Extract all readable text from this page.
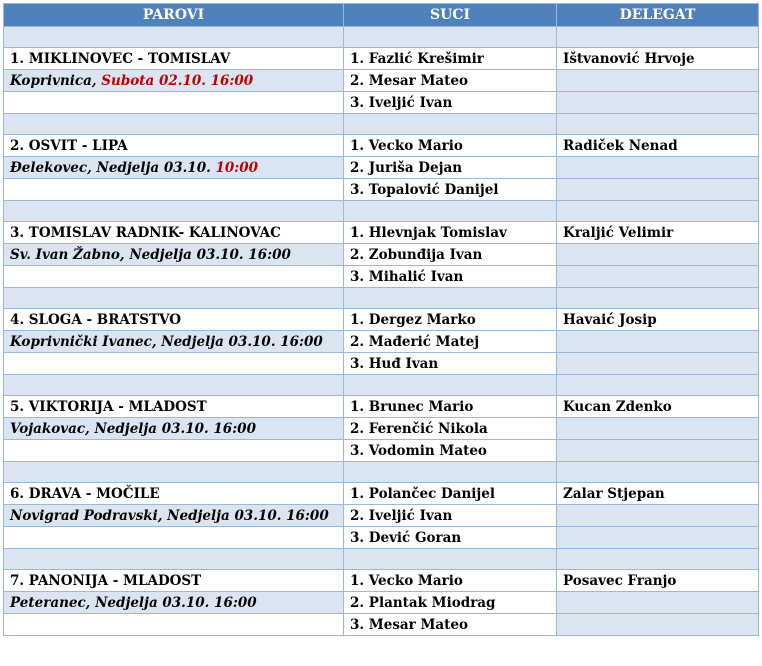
PAROVI	SUCI	DELEGAT

1. MIKLINOVEC - TOMISLAV	1. Fazlić Krešimir	Ištvanović Hrvoje
Koprivnica, Subota 02.10. 16:00	2. Mesar Mateo	
	3. Iveljić Ivan	

2. OSVIT - LIPA	1. Vecko Mario	Radiček Nenad
Đelekovec, Nedjelja 03.10. 10:00	2. Juriša Dejan	
	3. Topalović Danijel	

3. TOMISLAV RADNIK- KALINOVAC	1. Hlevnjak Tomislav	Kraljić Velimir
Sv. Ivan Žabno, Nedjelja 03.10. 16:00	2. Zobunđija Ivan	
	3. Mihalić Ivan	

4. SLOGA - BRATSTVO	1. Dergez Marko	Havaić Josip
Koprivnički Ivanec, Nedjelja 03.10. 16:00	2. Mađerić Matej	
	3. Huđ Ivan	

5. VIKTORIJA - MLADOST	1. Brunec Mario	Kucan Zdenko
Vojakovac, Nedjelja 03.10. 16:00	2. Ferenčić Nikola	
	3. Vodomin Mateo	

6. DRAVA - MOČILE	1. Polančec Danijel	Zalar Stjepan
Novigrad Podravski, Nedjelja 03.10. 16:00	2. Iveljić Ivan	
	3. Dević Goran	

7. PANONIJA - MLADOST	1. Vecko Mario	Posavec Franjo
Peteranec, Nedjelja 03.10. 16:00	2. Plantak Miodrag	
	3. Mesar Mateo	
